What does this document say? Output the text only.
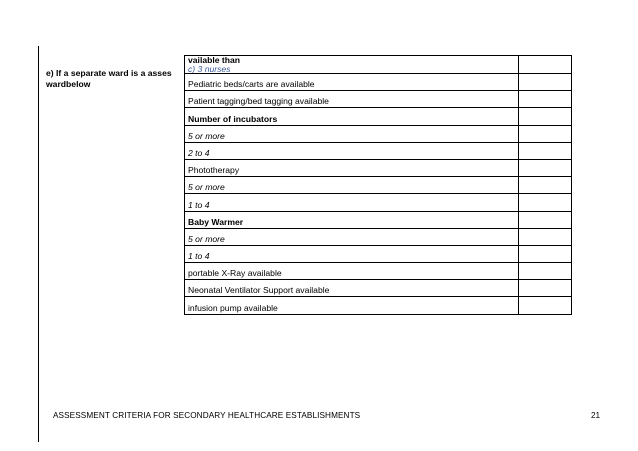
e) If a separate ward is a asses
wardbelow
vailable than
c) 3 nurses	

Pediatric beds/carts are available	
Patient tagging/bed tagging available	
Number of incubators	
5 or more	
2 to 4	
Phototherapy	
5 or more	
1 to 4	
Baby Warmer	
5 or more	
1 to 4	
portable X-Ray available	
Neonatal Ventilator Support available	
infusion pump available	
ASSESSMENT CRITERIA FOR SECONDARY HEALTHCARE ESTABLISHMENTS	21
